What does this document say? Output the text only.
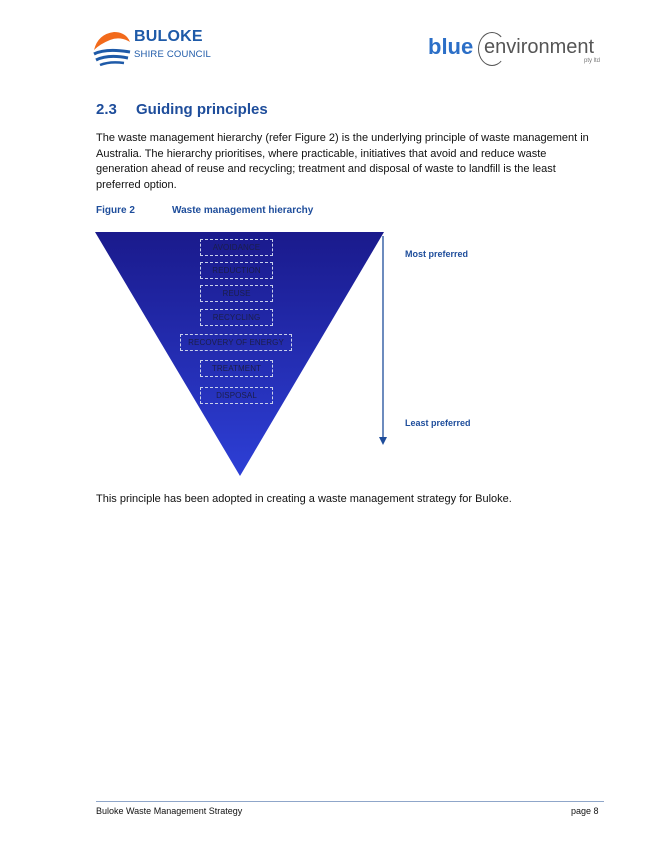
BULOKE
SHIRE COUNCIL	blue environment
pty ltd
2.3 Guiding principles

The waste management hierarchy (refer Figure 2) is the underlying principle of waste management in Australia. The hierarchy prioritises, where practicable, initiatives that avoid and reduce waste generation ahead of reuse and recycling; treatment and disposal of waste to landfill is the least preferred option.

Figure 2	Waste management hierarchy
AVOIDANCE
REDUCTION
REUSE
RECYCLING
RECOVERY OF ENERGY
TREATMENT
DISPOSAL
Most preferred
Least preferred

This principle has been adopted in creating a waste management strategy for Buloke.

Buloke Waste Management Strategy	page 8
